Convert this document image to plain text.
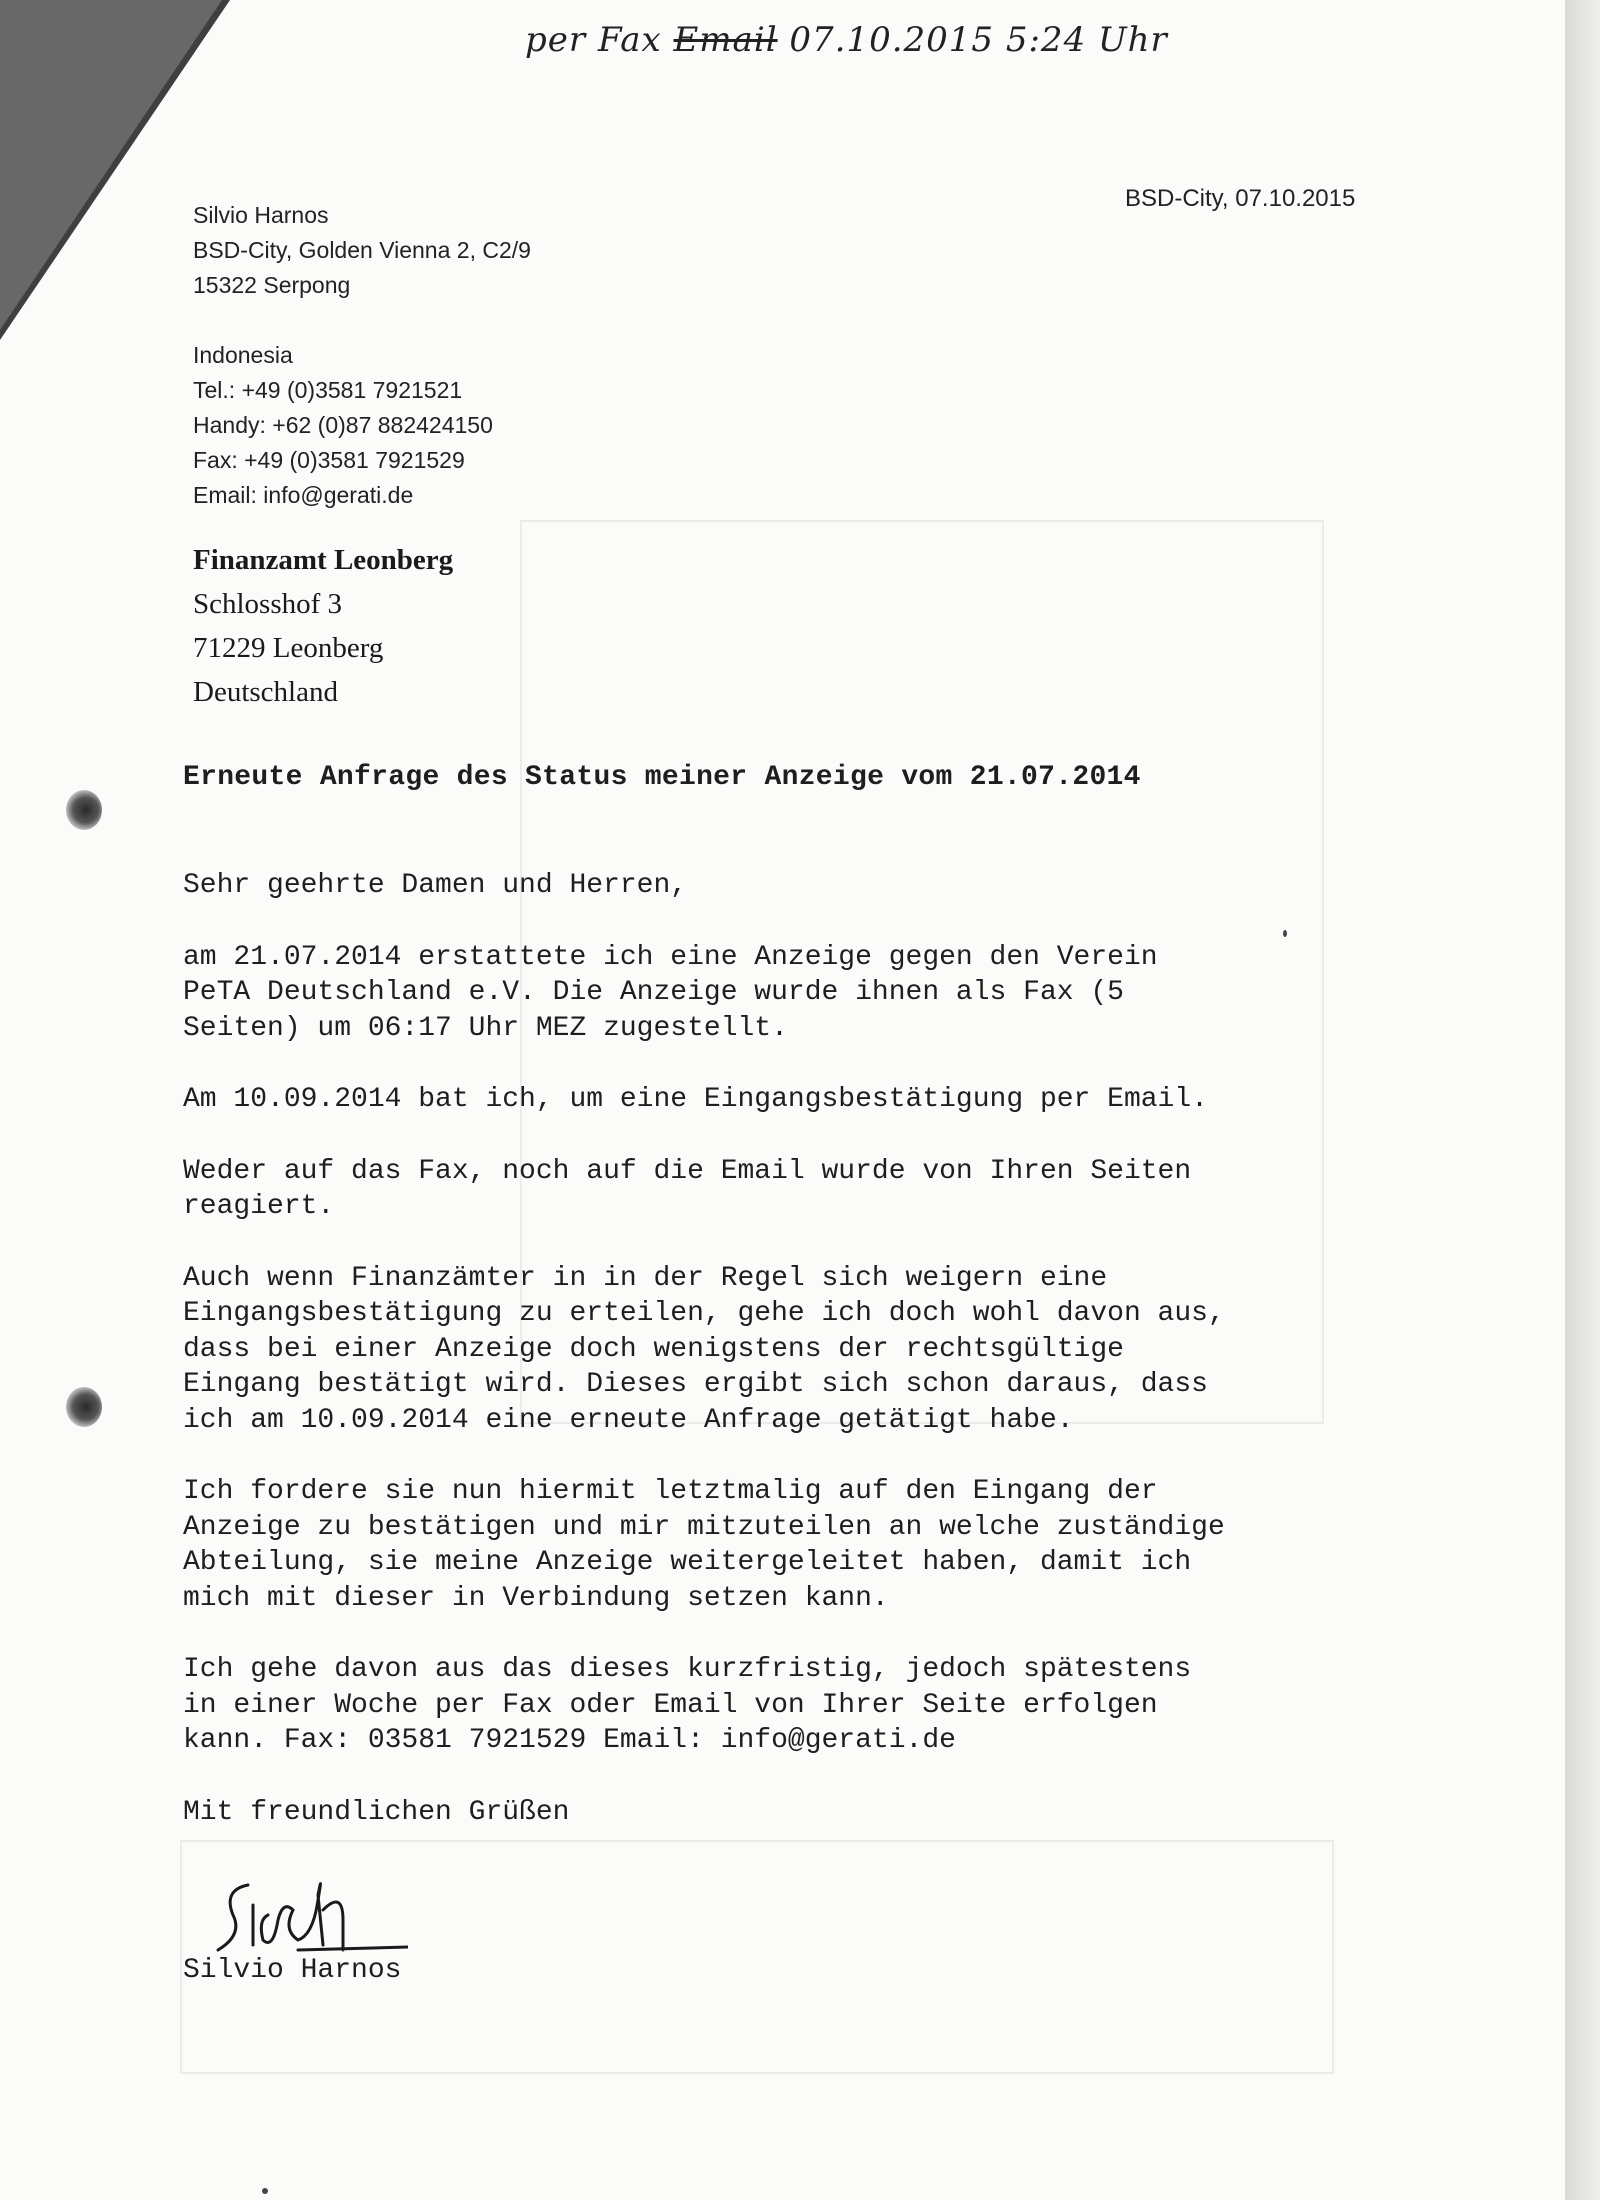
per Fax Email 07.10.2015 5:24 Uhr
BSD-City, 07.10.2015
Silvio Harnos
BSD-City, Golden Vienna 2, C2/9
15322 Serpong
Indonesia
Tel.: +49 (0)3581 7921521
Handy: +62 (0)87 882424150
Fax: +49 (0)3581 7921529
Email: info@gerati.de
Finanzamt Leonberg
Schlosshof 3
71229 Leonberg
Deutschland
Erneute Anfrage des Status meiner Anzeige vom 21.07.2014

Sehr geehrte Damen und Herren,

am 21.07.2014 erstattete ich eine Anzeige gegen den Verein
PeTA Deutschland e.V. Die Anzeige wurde ihnen als Fax (5
Seiten) um 06:17 Uhr MEZ zugestellt.

Am 10.09.2014 bat ich, um eine Eingangsbestätigung per Email.

Weder auf das Fax, noch auf die Email wurde von Ihren Seiten
reagiert.

Auch wenn Finanzämter in in der Regel sich weigern eine
Eingangsbestätigung zu erteilen, gehe ich doch wohl davon aus,
dass bei einer Anzeige doch wenigstens der rechtsgültige
Eingang bestätigt wird. Dieses ergibt sich schon daraus, dass
ich am 10.09.2014 eine erneute Anfrage getätigt habe.

Ich fordere sie nun hiermit letztmalig auf den Eingang der
Anzeige zu bestätigen und mir mitzuteilen an welche zuständige
Abteilung, sie meine Anzeige weitergeleitet haben, damit ich
mich mit dieser in Verbindung setzen kann.

Ich gehe davon aus das dieses kurzfristig, jedoch spätestens
in einer Woche per Fax oder Email von Ihrer Seite erfolgen
kann. Fax: 03581 7921529 Email: info@gerati.de

Mit freundlichen Grüßen

Silvio Harnos
